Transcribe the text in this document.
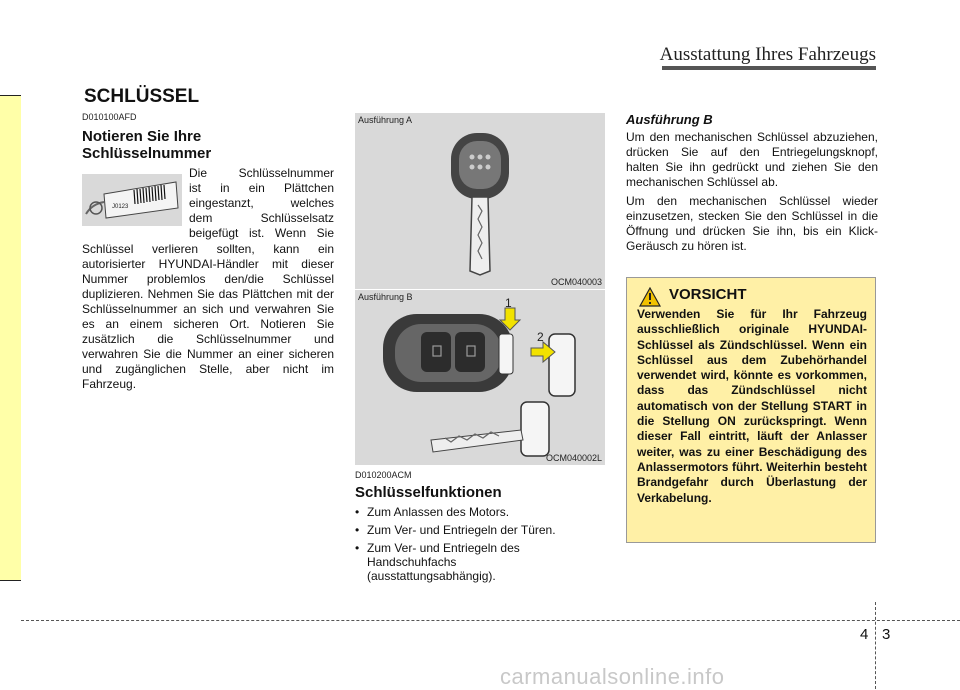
Ausstattung Ihres Fahrzeugs
SCHLÜSSEL
D010100AFD
Notieren Sie Ihre
Schlüsselnummer
J0123
Die Schlüsselnummer
ist in ein Plättchen
eingestanzt, welches
dem Schlüsselsatz
beigefügt ist. Wenn Sie
Schlüssel verlieren sollten, kann ein autorisierter HYUNDAI-Händler mit dieser Nummer problemlos den/die Schlüssel duplizieren. Nehmen Sie das Plättchen mit der Schlüsselnummer an sich und verwahren Sie es an einem sicheren Ort. Notieren Sie zusätzlich die Schlüsselnummer und verwahren Sie die Nummer an einer sicheren und zugänglichen Stelle, aber nicht im Fahrzeug.
Ausführung A
OCM040003
Ausführung B	1
2
OCM040002L
D010200ACM
Schlüsselfunktionen
• Zum Anlassen des Motors.
• Zum Ver- und Entriegeln der Türen.
• Zum Ver- und Entriegeln des Handschuhfachs (ausstattungsabhängig).
Ausführung B
Um den mechanischen Schlüssel abzuziehen, drücken Sie auf den Entriegelungsknopf, halten Sie ihn gedrückt und ziehen Sie den mechanischen Schlüssel ab.
Um den mechanischen Schlüssel wieder einzusetzen, stecken Sie den Schlüssel in die Öffnung und drücken Sie ihn, bis ein Klick-Geräusch zu hören ist.
VORSICHT
Verwenden Sie für Ihr Fahrzeug ausschließlich originale HYUNDAI-Schlüssel als Zündschlüssel. Wenn ein Schlüssel aus dem Zubehörhandel verwendet wird, könnte es vorkommen, dass das Zündschlüssel nicht automatisch von der Stellung START in die Stellung ON zurückspringt. Wenn dieser Fall eintritt, läuft der Anlasser weiter, was zu einer Beschädigung des Anlassermotors führt. Weiterhin besteht Brandgefahr durch Überlastung der Verkabelung.
4 3
carmanualsonline.info
